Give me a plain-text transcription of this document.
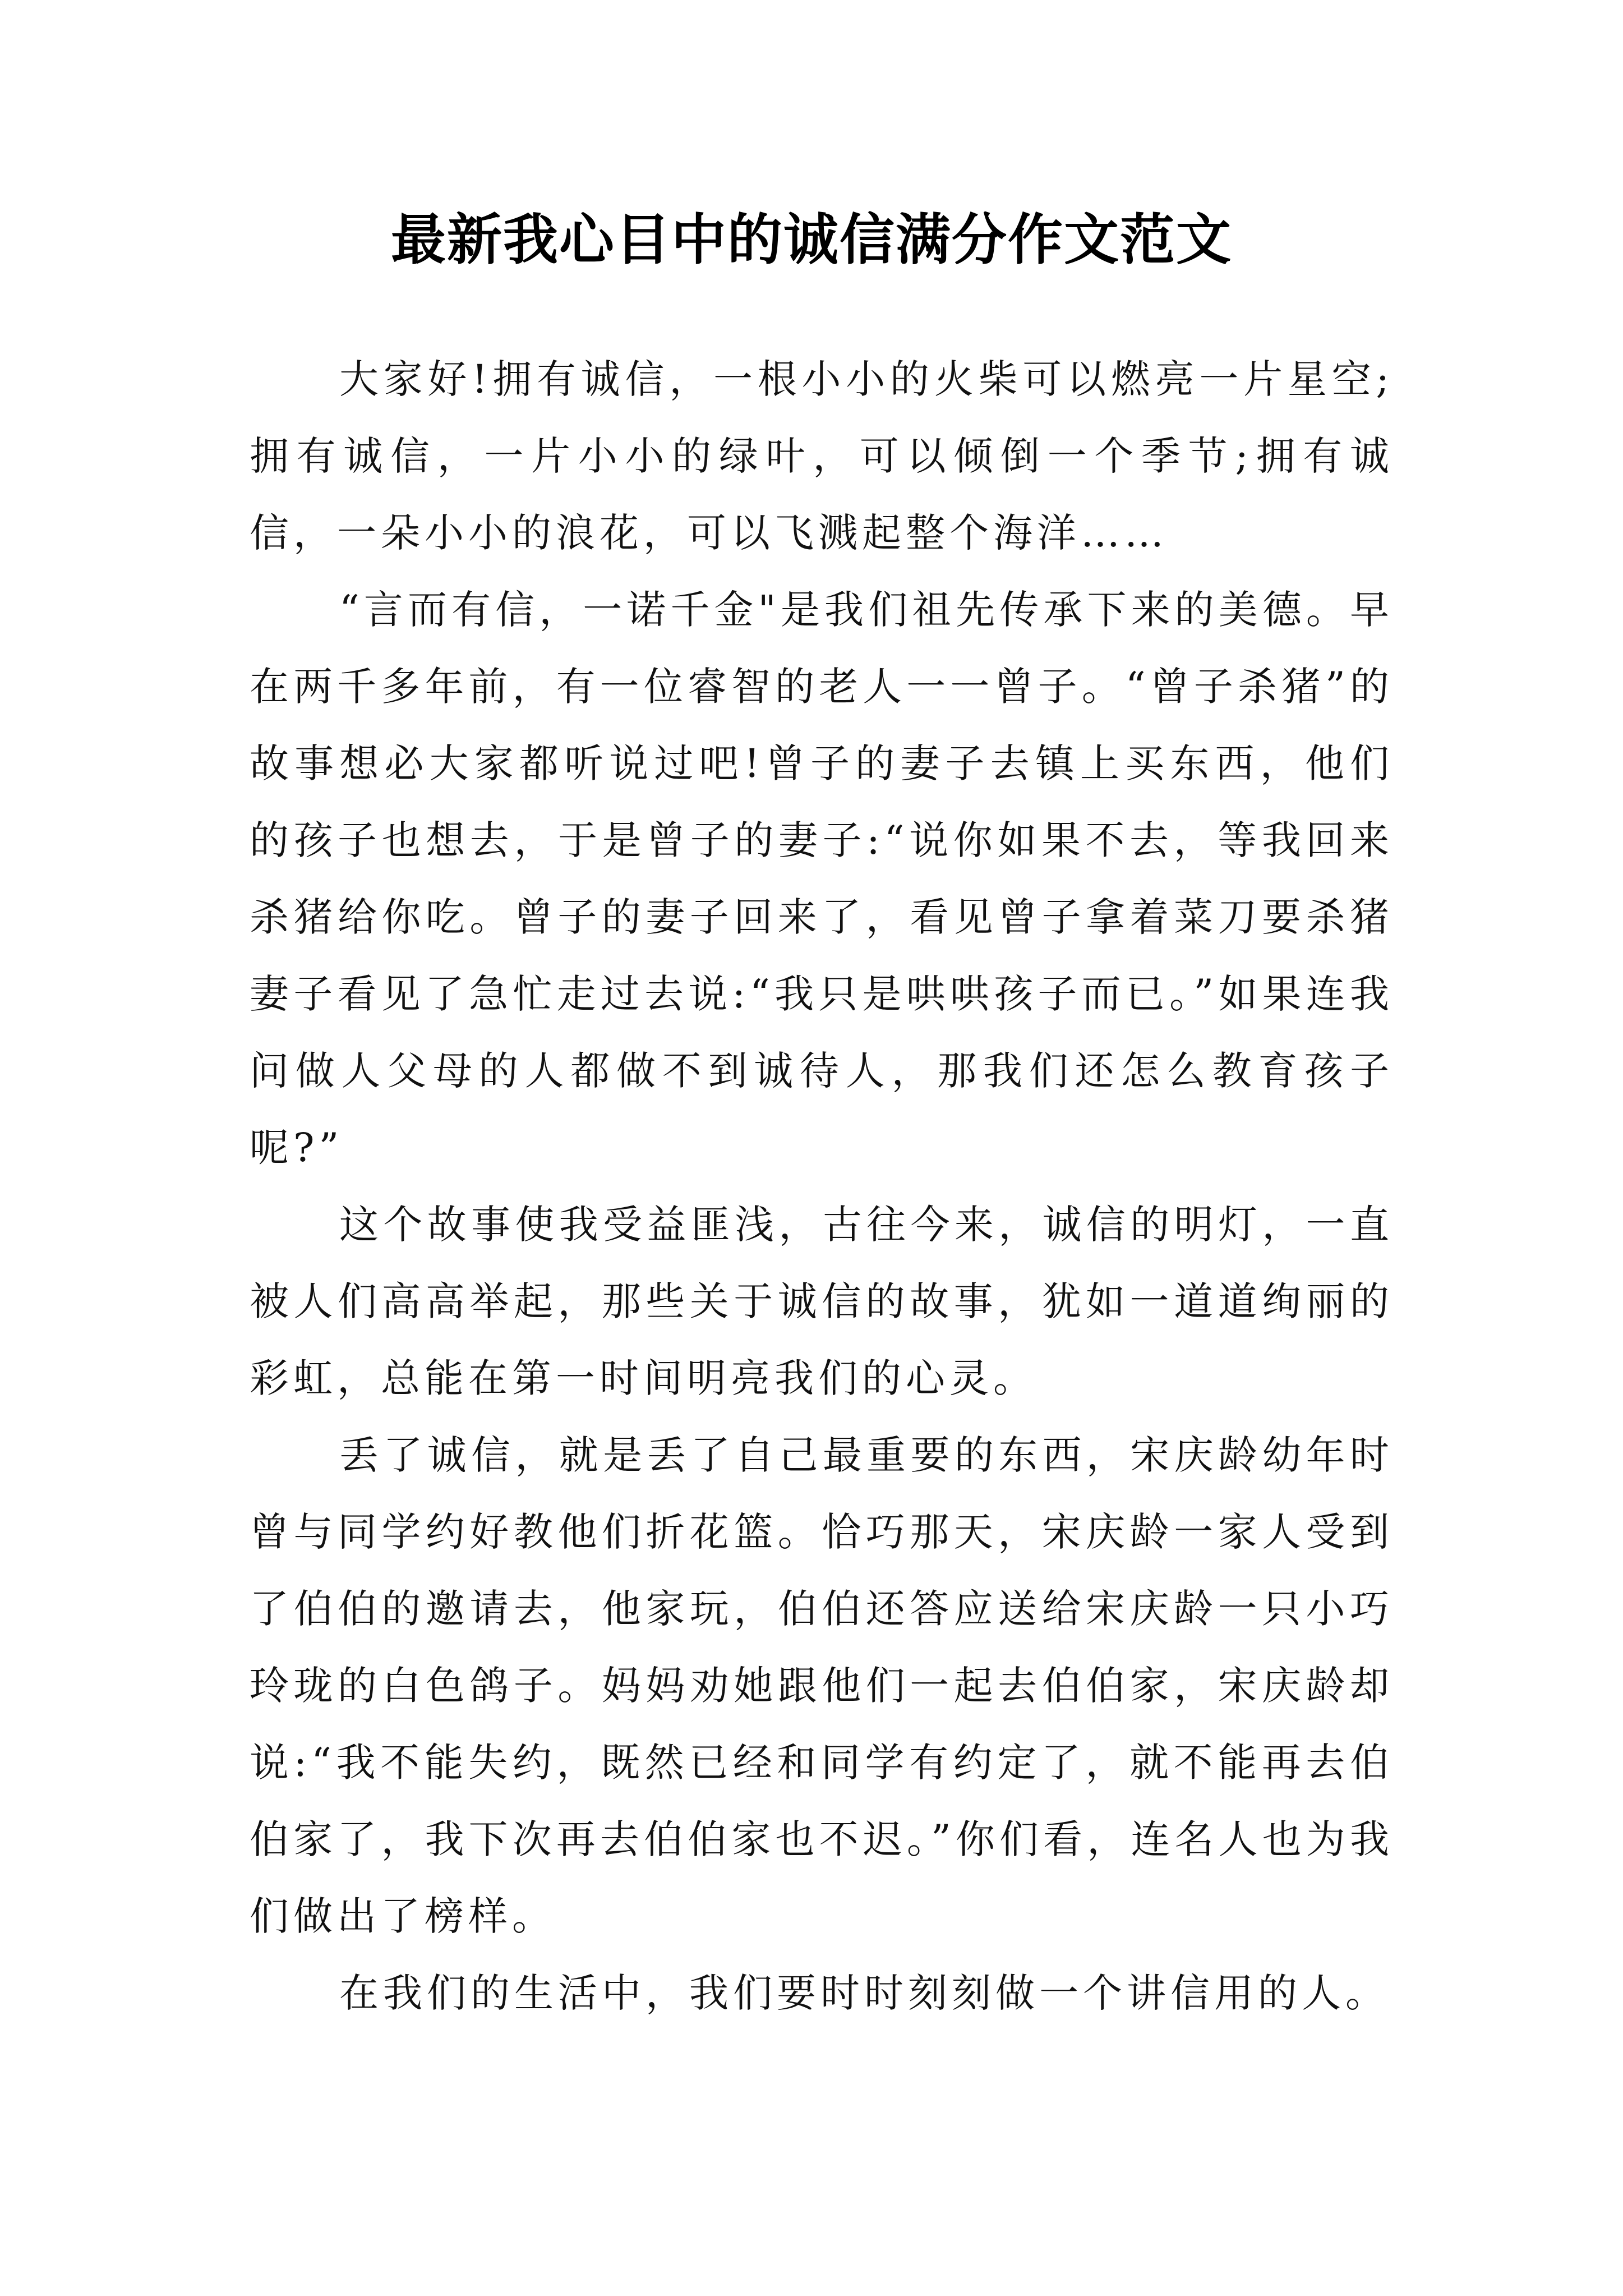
最新我心目中的诚信满分作文范文

大家好!拥有诚信，一根小小的火柴可以燃亮一片星空;拥有诚信，一片小小的绿叶，可以倾倒一个季节;拥有诚信，一朵小小的浪花，可以飞溅起整个海洋……

“言而有信，一诺千金"是我们祖先传承下来的美德。早在两千多年前，有一位睿智的老人一一曾子。“曾子杀猪”的故事想必大家都听说过吧!曾子的妻子去镇上买东西，他们的孩子也想去，于是曾子的妻子:“说你如果不去，等我回来杀猪给你吃。曾子的妻子回来了，看见曾子拿着菜刀要杀猪妻子看见了急忙走过去说:“我只是哄哄孩子而已。”如果连我问做人父母的人都做不到诚待人，那我们还怎么教育孩子呢?”

这个故事使我受益匪浅，古往今来，诚信的明灯，一直被人们高高举起，那些关于诚信的故事，犹如一道道绚丽的彩虹，总能在第一时间明亮我们的心灵。

丢了诚信，就是丢了自己最重要的东西，宋庆龄幼年时曾与同学约好教他们折花篮。恰巧那天，宋庆龄一家人受到了伯伯的邀请去，他家玩，伯伯还答应送给宋庆龄一只小巧玲珑的白色鸽子。妈妈劝她跟他们一起去伯伯家，宋庆龄却说:“我不能失约，既然已经和同学有约定了，就不能再去伯伯家了，我下次再去伯伯家也不迟。”你们看，连名人也为我们做出了榜样。

在我们的生活中，我们要时时刻刻做一个讲信用的人。
